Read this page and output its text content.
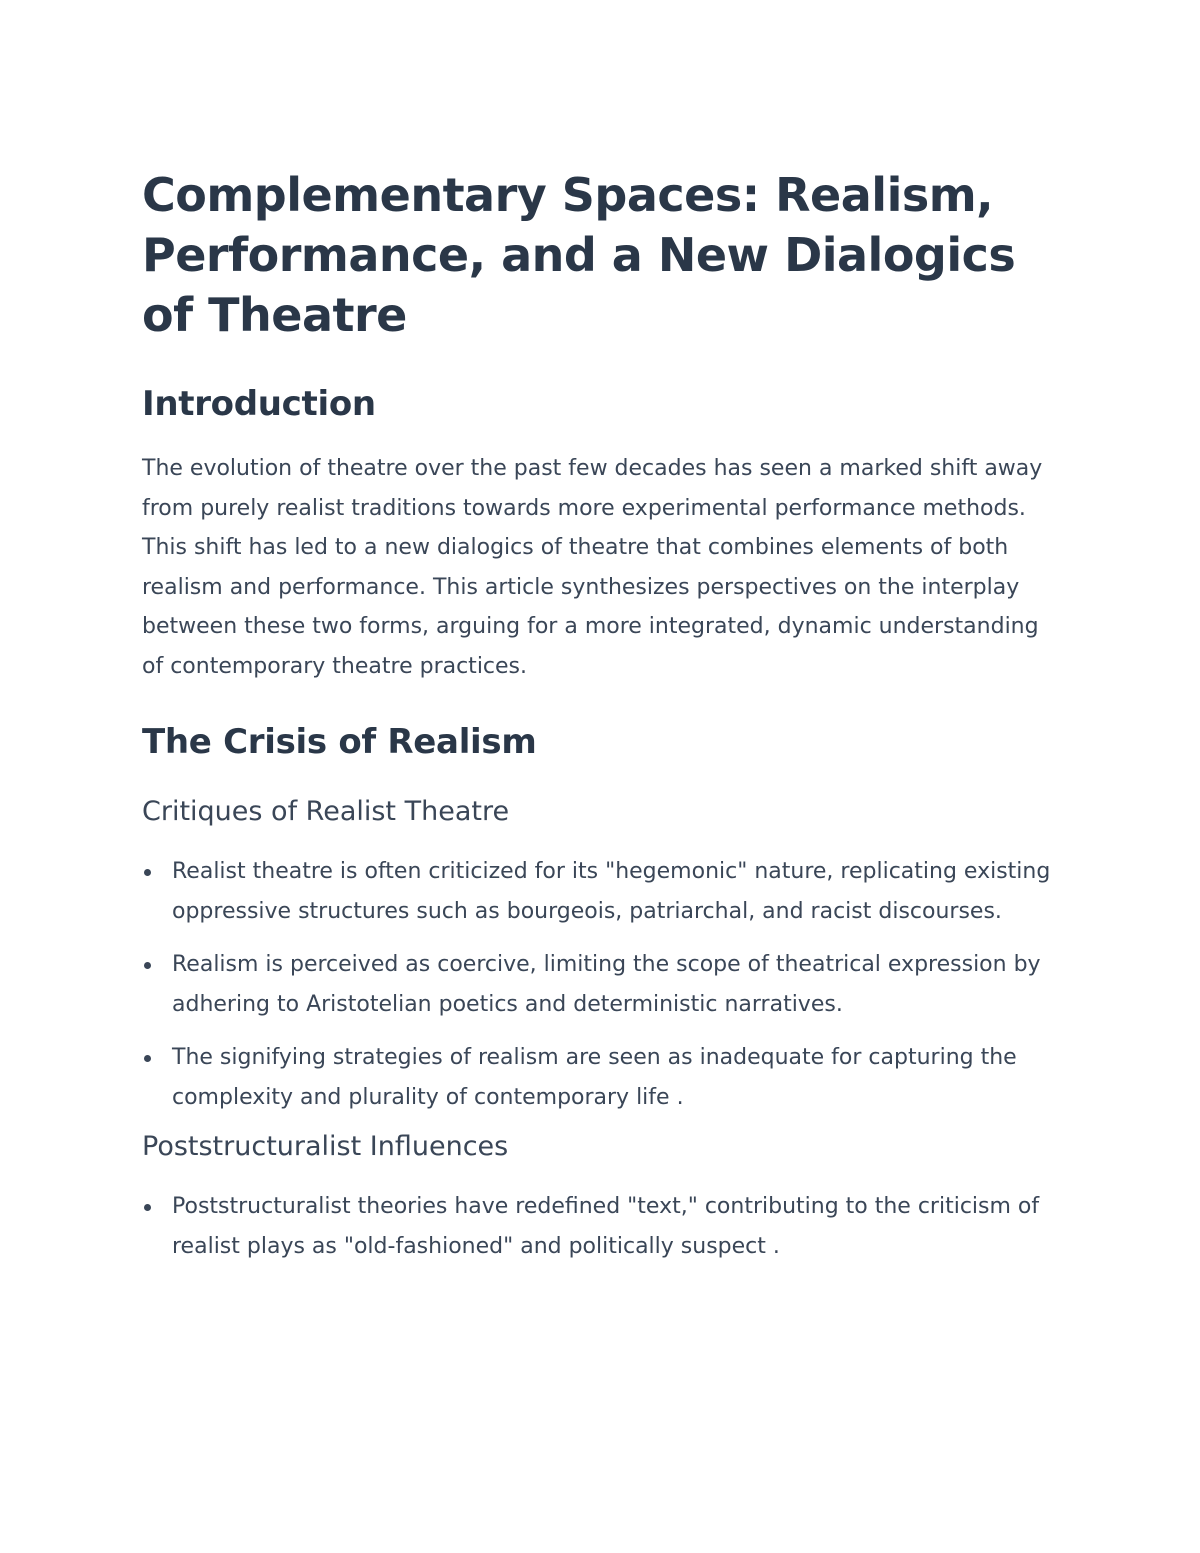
Complementary Spaces: Realism, Performance, and a New Dialogics of Theatre
Introduction

The evolution of theatre over the past few decades has seen a marked shift away from purely realist traditions towards more experimental performance methods. This shift has led to a new dialogics of theatre that combines elements of both realism and performance. This article synthesizes perspectives on the interplay between these two forms, arguing for a more integrated, dynamic understanding of contemporary theatre practices.

The Crisis of Realism
Critiques of Realist Theatre
Realist theatre is often criticized for its "hegemonic" nature, replicating existing oppressive structures such as bourgeois, patriarchal, and racist discourses.
Realism is perceived as coercive, limiting the scope of theatrical expression by adhering to Aristotelian poetics and deterministic narratives.
The signifying strategies of realism are seen as inadequate for capturing the complexity and plurality of contemporary life .
Poststructuralist Influences
Poststructuralist theories have redefined "text," contributing to the criticism of realist plays as "old-fashioned" and politically suspect .
